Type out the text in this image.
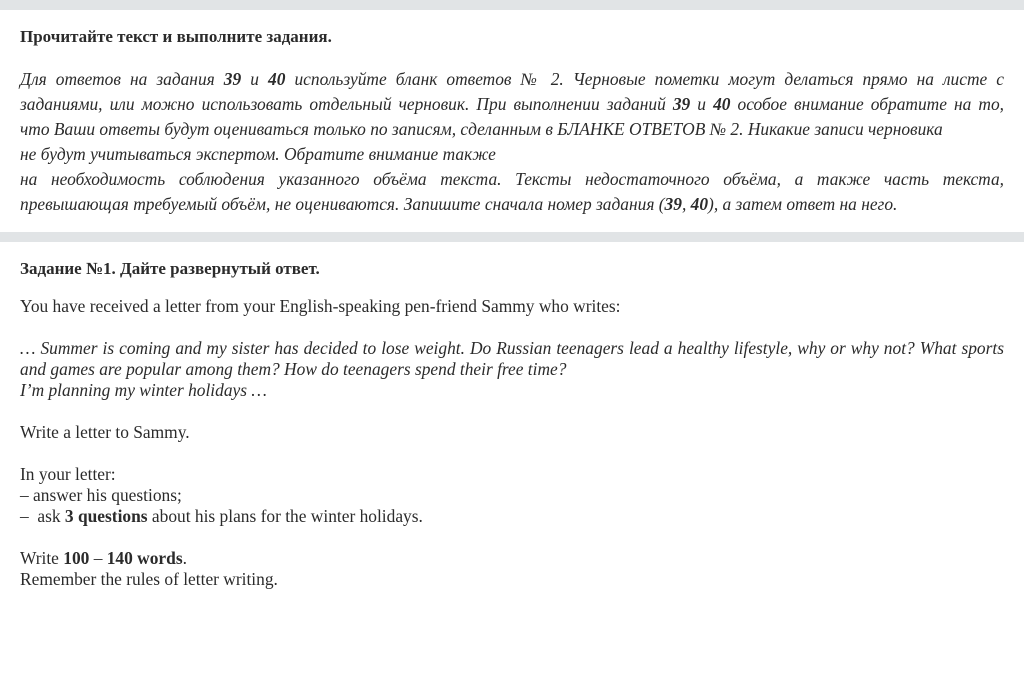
Прочитайте текст и выполните задания.

Для ответов на задания 39 и 40 используйте бланк ответов № 2. Черновые пометки могут делаться прямо на листе с
заданиями, или можно использовать отдельный черновик. При выполнении заданий 39 и 40 особое внимание обратите на то,
что Ваши ответы будут оцениваться только по записям, сделанным в БЛАНКЕ ОТВЕТОВ № 2. Никакие записи черновика
не будут учитываться экспертом. Обратите внимание также
на необходимость соблюдения указанного объёма текста. Тексты недостаточного объёма, а также часть текста,
превышающая требуемый объём, не оцениваются. Запишите сначала номер задания (39, 40), а затем ответ на него.

Задание №1. Дайте развернутый ответ.

You have received a letter from your English-speaking pen-friend Sammy who writes:

… Summer is coming and my sister has decided to lose weight. Do Russian teenagers lead a healthy lifestyle, why or why not? What sports and games are popular among them? How do teenagers spend their free time?
I’m planning my winter holidays …

Write a letter to Sammy.

In your letter:
– answer his questions;
–  ask 3 questions about his plans for the winter holidays.
Write 100 – 140 words.
Remember the rules of letter writing.
